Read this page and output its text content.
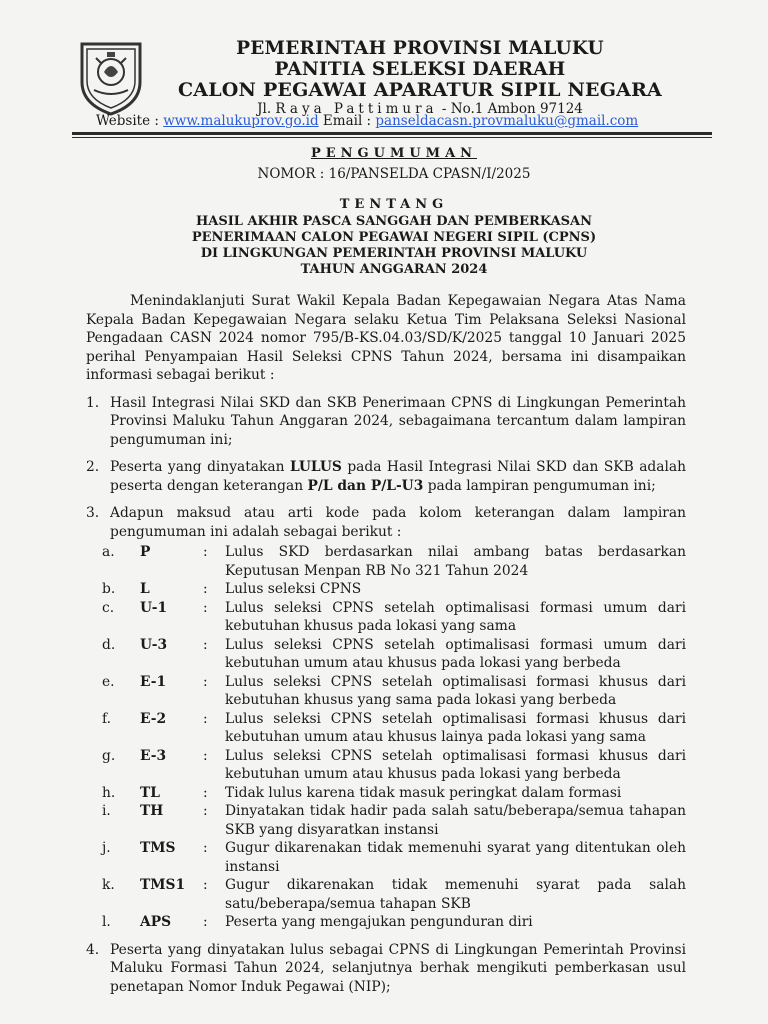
PEMERINTAH PROVINSI MALUKU
PANITIA SELEKSI DAERAH
CALON PEGAWAI APARATUR SIPIL NEGARA
Jl. Raya Pattimura - No.1 Ambon 97124
Website : www.malukuprov.go.id Email : panseldacasn.provmaluku@gmail.com
PENGUMUMAN
NOMOR : 16/PANSELDA CPASN/I/2025
TENTANG
HASIL AKHIR PASCA SANGGAH DAN PEMBERKASAN
PENERIMAAN CALON PEGAWAI NEGERI SIPIL (CPNS)
DI LINGKUNGAN PEMERINTAH PROVINSI MALUKU
TAHUN ANGGARAN 2024

Menindaklanjuti Surat Wakil Kepala Badan Kepegawaian Negara Atas Nama Kepala Badan Kepegawaian Negara selaku Ketua Tim Pelaksana Seleksi Nasional Pengadaan CASN 2024 nomor 795/B-KS.04.03/SD/K/2025 tanggal 10 Januari 2025 perihal Penyampaian Hasil Seleksi CPNS Tahun 2024, bersama ini disampaikan informasi sebagai berikut :

1. Hasil Integrasi Nilai SKD dan SKB Penerimaan CPNS di Lingkungan Pemerintah Provinsi Maluku Tahun Anggaran 2024, sebagaimana tercantum dalam lampiran pengumuman ini;
2. Peserta yang dinyatakan LULUS pada Hasil Integrasi Nilai SKD dan SKB adalah peserta dengan keterangan P/L dan P/L-U3 pada lampiran pengumuman ini;
3. Adapun maksud atau arti kode pada kolom keterangan dalam lampiran pengumuman ini adalah sebagai berikut :
a.	P	:	Lulus SKD berdasarkan nilai ambang batas berdasarkan Keputusan Menpan RB No 321 Tahun 2024
b.	L	:	Lulus seleksi CPNS
c.	U-1	:	Lulus seleksi CPNS setelah optimalisasi formasi umum dari kebutuhan khusus pada lokasi yang sama
d.	U-3	:	Lulus seleksi CPNS setelah optimalisasi formasi umum dari kebutuhan umum atau khusus pada lokasi yang berbeda
e.	E-1	:	Lulus seleksi CPNS setelah optimalisasi formasi khusus dari kebutuhan khusus yang sama pada lokasi yang berbeda
f.	E-2	:	Lulus seleksi CPNS setelah optimalisasi formasi khusus dari kebutuhan umum atau khusus lainya pada lokasi yang sama
g.	E-3	:	Lulus seleksi CPNS setelah optimalisasi formasi khusus dari kebutuhan umum atau khusus pada lokasi yang berbeda
h.	TL	:	Tidak lulus karena tidak masuk peringkat dalam formasi
i.	TH	:	Dinyatakan tidak hadir pada salah satu/beberapa/semua tahapan SKB yang disyaratkan instansi
j.	TMS	:	Gugur dikarenakan tidak memenuhi syarat yang ditentukan oleh instansi
k.	TMS1	:	Gugur dikarenakan tidak memenuhi syarat pada salah satu/beberapa/semua tahapan SKB
l.	APS	:	Peserta yang mengajukan pengunduran diri
4. Peserta yang dinyatakan lulus sebagai CPNS di Lingkungan Pemerintah Provinsi Maluku Formasi Tahun 2024, selanjutnya berhak mengikuti pemberkasan usul penetapan Nomor Induk Pegawai (NIP);
